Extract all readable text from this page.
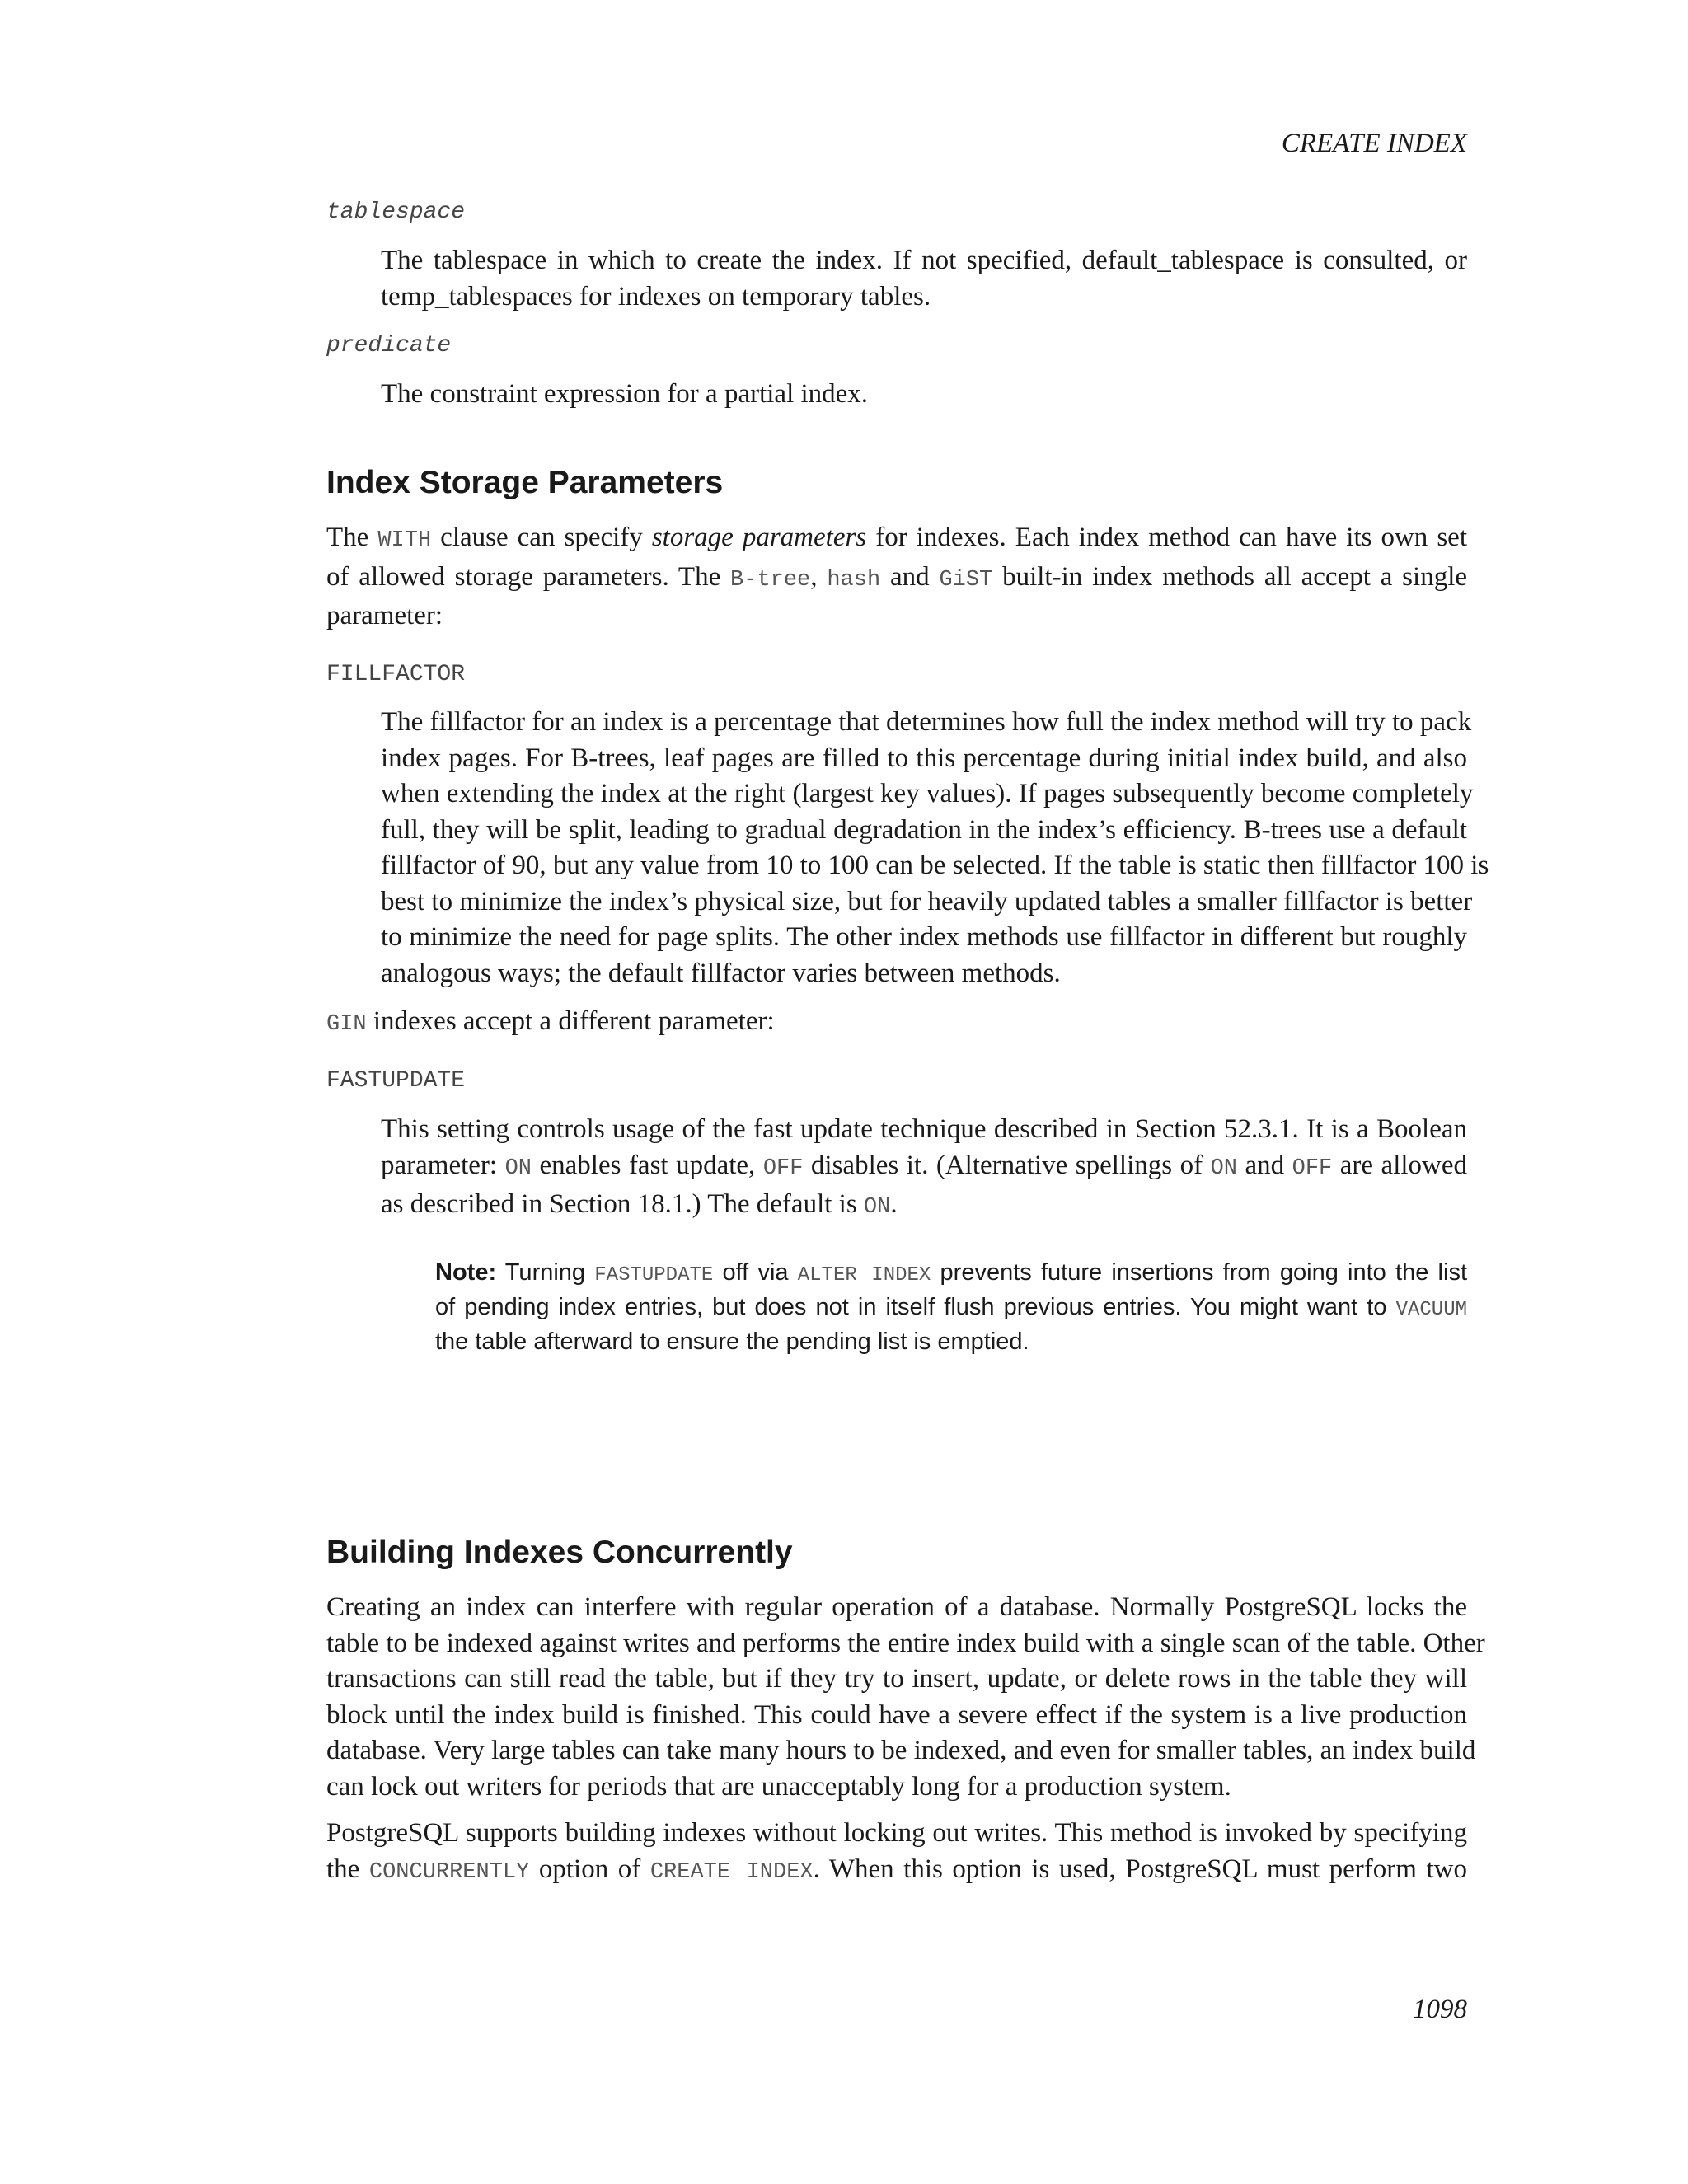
CREATE INDEX
tablespace
The tablespace in which to create the index. If not specified, default_tablespace is consulted, or
temp_tablespaces for indexes on temporary tables.
predicate
The constraint expression for a partial index.
Index Storage Parameters
The WITH clause can specify storage parameters for indexes. Each index method can have its own set
of allowed storage parameters. The B-tree, hash and GiST built-in index methods all accept a single
parameter:
FILLFACTOR
The fillfactor for an index is a percentage that determines how full the index method will try to pack
index pages. For B-trees, leaf pages are filled to this percentage during initial index build, and also
when extending the index at the right (largest key values). If pages subsequently become completely
full, they will be split, leading to gradual degradation in the index’s efficiency. B-trees use a default
fillfactor of 90, but any value from 10 to 100 can be selected. If the table is static then fillfactor 100 is
best to minimize the index’s physical size, but for heavily updated tables a smaller fillfactor is better
to minimize the need for page splits. The other index methods use fillfactor in different but roughly
analogous ways; the default fillfactor varies between methods.
GIN indexes accept a different parameter:
FASTUPDATE
This setting controls usage of the fast update technique described in Section 52.3.1. It is a Boolean
parameter: ON enables fast update, OFF disables it. (Alternative spellings of ON and OFF are allowed
as described in Section 18.1.) The default is ON.
Note: Turning FASTUPDATE off via ALTER INDEX prevents future insertions from going into the list
of pending index entries, but does not in itself flush previous entries. You might want to VACUUM
the table afterward to ensure the pending list is emptied.
Building Indexes Concurrently
Creating an index can interfere with regular operation of a database. Normally PostgreSQL locks the
table to be indexed against writes and performs the entire index build with a single scan of the table. Other
transactions can still read the table, but if they try to insert, update, or delete rows in the table they will
block until the index build is finished. This could have a severe effect if the system is a live production
database. Very large tables can take many hours to be indexed, and even for smaller tables, an index build
can lock out writers for periods that are unacceptably long for a production system.
PostgreSQL supports building indexes without locking out writes. This method is invoked by specifying
the CONCURRENTLY option of CREATE INDEX. When this option is used, PostgreSQL must perform two
1098
